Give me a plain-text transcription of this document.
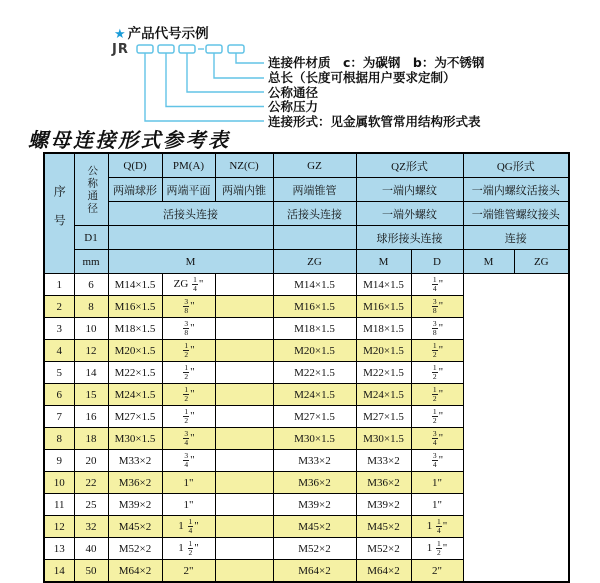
★ 产品代号示例
JR
连接件材质　c：为碳钢　b：为不锈钢
总长（长度可根据用户要求定制）
公称通径
公称压力
连接形式：见金属软管常用结构形式表
螺母连接形式参考表
序号	公称通径	Q(D)	PM(A)	NZ(C)	GZ	QZ形式		QG形式	
		两端球形	两端平面	两端内锥	两端锥管	一端内螺纹		一端内螺纹活接头	
		活接头连接			活接头连接	一端外螺纹		一端锥管螺纹接头	
	D1					球形接头连接		连接	
	mm	M			ZG	M	D	M	ZG
1	6	M14×1.5	ZG $\frac{1}{4}$ "		M14×1.5	M14×1.5	$\frac{1}{4}$ "		
2	8	M16×1.5	$\frac{3}{8}$ "		M16×1.5	M16×1.5	$\frac{3}{8}$ "		
3	10	M18×1.5	$\frac{3}{8}$ "		M18×1.5	M18×1.5	$\frac{3}{8}$ "		
4	12	M20×1.5	$\frac{1}{2}$ "		M20×1.5	M20×1.5	$\frac{1}{2}$ "		
5	14	M22×1.5	$\frac{1}{2}$ "		M22×1.5	M22×1.5	$\frac{1}{2}$ "		
6	15	M24×1.5	$\frac{1}{2}$ "		M24×1.5	M24×1.5	$\frac{1}{2}$ "		
7	16	M27×1.5	$\frac{1}{2}$ "		M27×1.5	M27×1.5	$\frac{1}{2}$ "		
8	18	M30×1.5	$\frac{3}{4}$ "		M30×1.5	M30×1.5	$\frac{3}{4}$ "		
9	20	M33×2	$\frac{3}{4}$ "		M33×2	M33×2	$\frac{3}{4}$ "		
10	22	M36×2	1"		M36×2	M36×2	1"		
11	25	M39×2	1"		M39×2	M39×2	1"		
12	32	M45×2	$1 \frac{1}{4}$ "		M45×2	M45×2	$1 \frac{1}{4}$ "		
13	40	M52×2	$1 \frac{1}{2}$ "		M52×2	M52×2	$1 \frac{1}{2}$ "		
14	50	M64×2	2"		M64×2	M64×2	2"		
